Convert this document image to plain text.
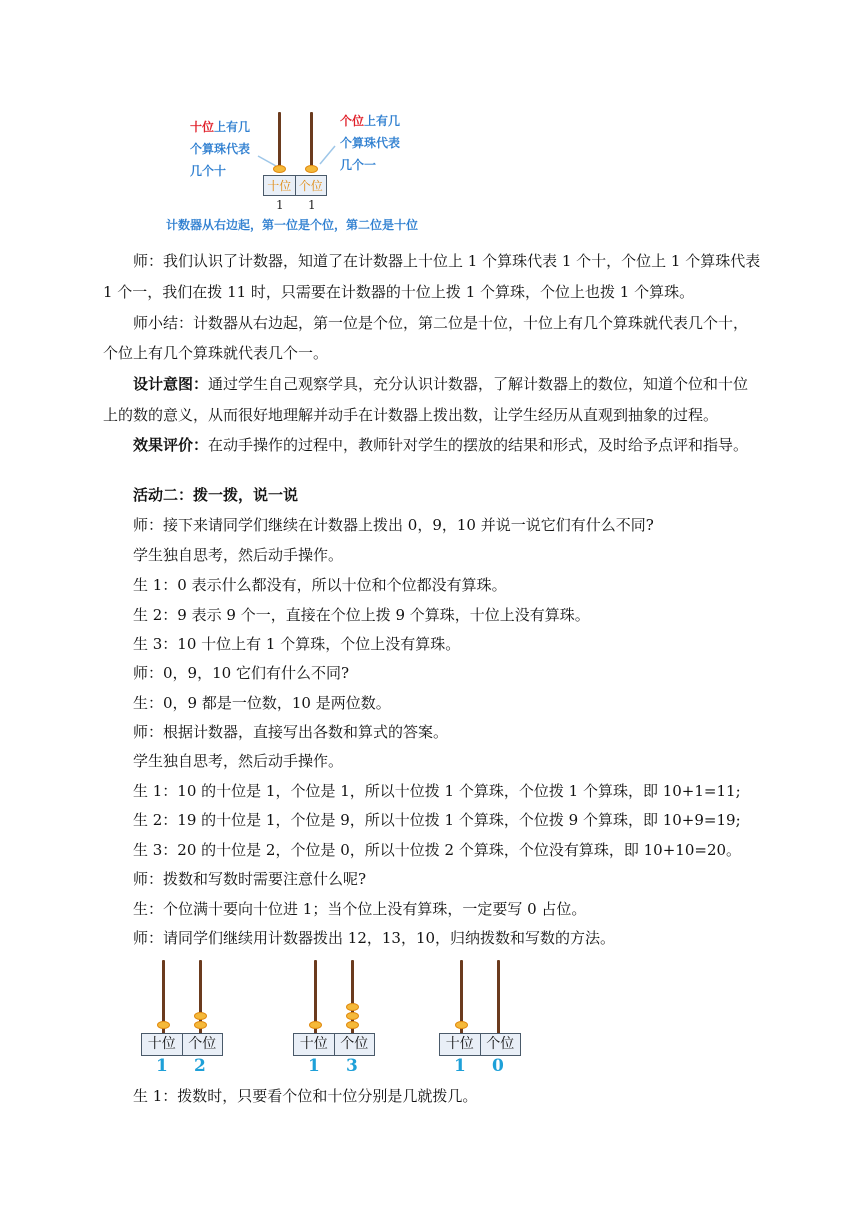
十位上有几
个算珠代表
几个十
个位上有几
个算珠代表
几个一
十位 个位
1 1
计数器从右边起，第一位是个位，第二位是十位
师：我们认识了计数器，知道了在计数器上十位上 1 个算珠代表 1 个十，个位上 1 个算珠代表
1 个一，我们在拨 11 时，只需要在计数器的十位上拨 1 个算珠，个位上也拨 1 个算珠。
师小结：计数器从右边起，第一位是个位，第二位是十位，十位上有几个算珠就代表几个十，
个位上有几个算珠就代表几个一。
设计意图：通过学生自己观察学具，充分认识计数器，了解计数器上的数位，知道个位和十位
上的数的意义，从而很好地理解并动手在计数器上拨出数，让学生经历从直观到抽象的过程。
效果评价：在动手操作的过程中，教师针对学生的摆放的结果和形式，及时给予点评和指导。
活动二：拨一拨，说一说
师：接下来请同学们继续在计数器上拨出 0，9，10 并说一说它们有什么不同?
学生独自思考，然后动手操作。
生 1：0 表示什么都没有，所以十位和个位都没有算珠。
生 2：9 表示 9 个一，直接在个位上拨 9 个算珠，十位上没有算珠。
生 3：10 十位上有 1 个算珠，个位上没有算珠。
师：0，9，10 它们有什么不同?
生：0，9 都是一位数，10 是两位数。
师：根据计数器，直接写出各数和算式的答案。
学生独自思考，然后动手操作。
生 1：10 的十位是 1，个位是 1，所以十位拨 1 个算珠，个位拨 1 个算珠，即 10+1=11;
生 2：19 的十位是 1，个位是 9，所以十位拨 1 个算珠，个位拨 9 个算珠，即 10+9=19;
生 3：20 的十位是 2，个位是 0，所以十位拨 2 个算珠，个位没有算珠，即 10+10=20。
师：拨数和写数时需要注意什么呢?
生：个位满十要向十位进 1；当个位上没有算珠，一定要写 0 占位。
师：请同学们继续用计数器拨出 12，13，10，归纳拨数和写数的方法。
十位 个位
1 2
十位 个位
1 3
十位 个位
1 0
生 1：拨数时，只要看个位和十位分别是几就拨几。
